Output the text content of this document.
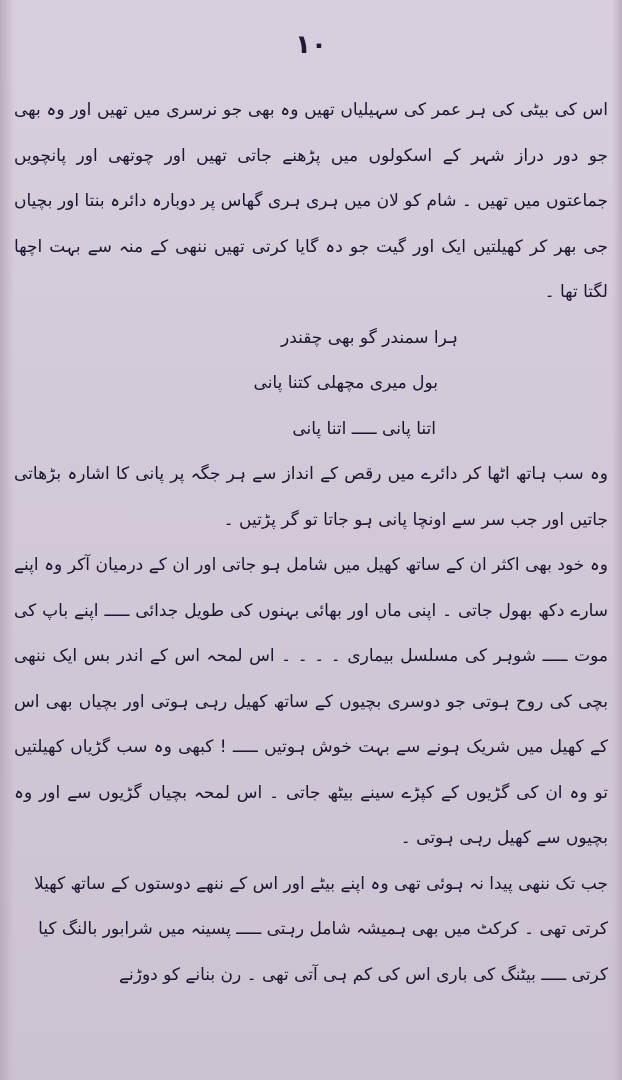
١٠

اس کی بیٹی کی ہر عمر کی سہیلیاں تھیں وہ بھی جو نرسری میں تھیں اور وہ بھی جو دور دراز شہر کے اسکولوں میں پڑھنے جاتی تھیں اور چوتھی اور پانچویں جماعتوں میں تھیں ۔ شام کو لان میں ہری ہری گھاس پر دوبارہ دائرہ بنتا اور بچیاں جی بھر کر کھیلتیں ایک اور گیت جو دہ گایا کرتی تھیں ننھی کے منہ سے بہت اچھا لگتا تھا ۔

ہرا سمندر گو بھی چقندر

بول میری مچھلی کتنا پانی

اتنا پانی ـــــ اتنا پانی

وہ سب ہاتھ اٹھا کر دائرے میں رقص کے انداز سے ہر جگہ پر پانی کا اشارہ بڑھاتی جاتیں اور جب سر سے اونچا پانی ہو جاتا تو گر پڑتیں ۔

وہ خود بھی اکثر ان کے ساتھ کھیل میں شامل ہو جاتی اور ان کے درمیان آکر وہ اپنے سارے دکھ بھول جاتی ۔ اپنی ماں اور بھائی بہنوں کی طویل جدائی ـــــ اپنے باپ کی موت ـــــ شوہر کی مسلسل بیماری ۔ ۔ ۔ ۔ اس لمحہ اس کے اندر بس ایک ننھی بچی کی روح ہوتی جو دوسری بچیوں کے ساتھ کھیل رہی ہوتی اور بچیاں بھی اس کے کھیل میں شریک ہونے سے بہت خوش ہوتیں ـــــ ! کبھی وہ سب گڑیاں کھیلتیں تو وہ ان کی گڑیوں کے کپڑے سینے بیٹھ جاتی ۔ اس لمحہ بچیاں گڑیوں سے اور وہ بچیوں سے کھیل رہی ہوتی ۔

جب تک ننھی پیدا نہ ہوئی تھی وہ اپنے بیٹے اور اس کے ننھے دوستوں کے ساتھ کھیلا کرتی تھی ۔ کرکٹ میں بھی ہمیشہ شامل رہتی ـــــ پسینہ میں شرابور بالنگ کیا کرتی ـــــ بیٹنگ کی باری اس کی کم ہی آتی تھی ۔ رن بنانے کو دوڑنے
